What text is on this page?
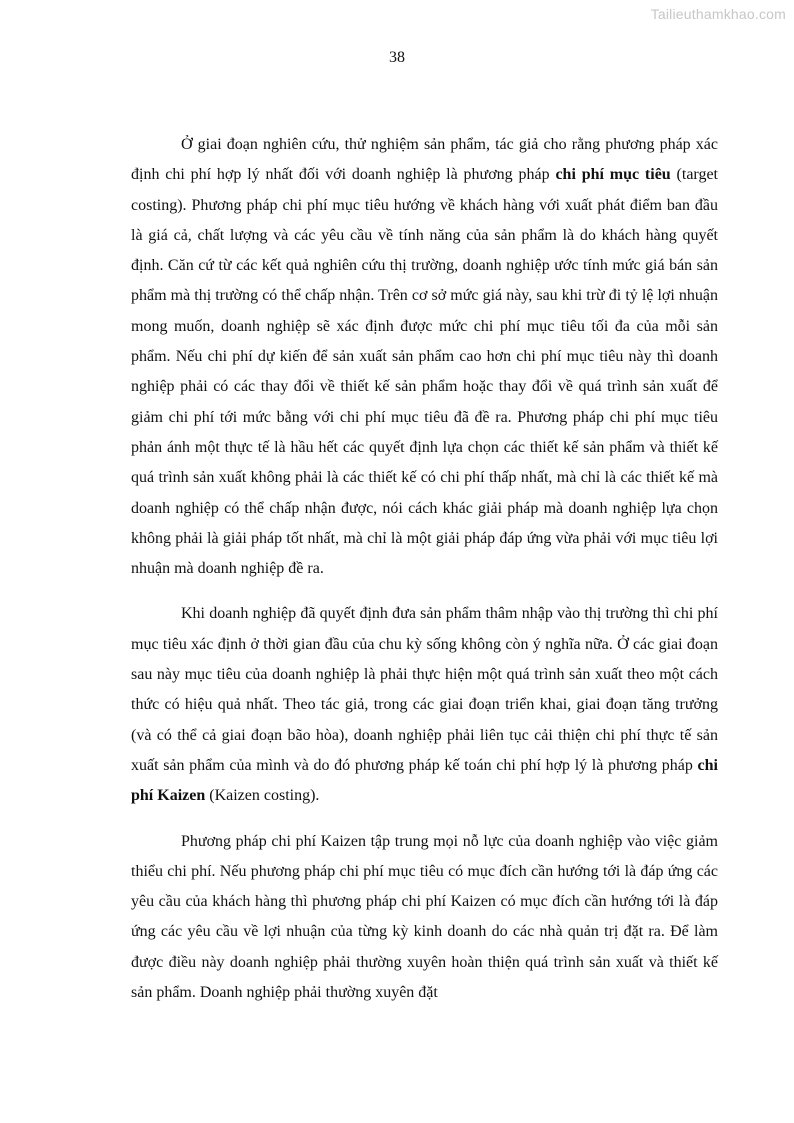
Tailieuthamkhao.com
38

Ở giai đoạn nghiên cứu, thử nghiệm sản phẩm, tác giả cho rằng phương pháp xác định chi phí hợp lý nhất đối với doanh nghiệp là phương pháp chi phí mục tiêu (target costing). Phương pháp chi phí mục tiêu hướng về khách hàng với xuất phát điểm ban đầu là giá cả, chất lượng và các yêu cầu về tính năng của sản phẩm là do khách hàng quyết định. Căn cứ từ các kết quả nghiên cứu thị trường, doanh nghiệp ước tính mức giá bán sản phẩm mà thị trường có thể chấp nhận. Trên cơ sở mức giá này, sau khi trừ đi tỷ lệ lợi nhuận mong muốn, doanh nghiệp sẽ xác định được mức chi phí mục tiêu tối đa của mỗi sản phẩm. Nếu chi phí dự kiến để sản xuất sản phẩm cao hơn chi phí mục tiêu này thì doanh nghiệp phải có các thay đổi về thiết kế sản phẩm hoặc thay đổi về quá trình sản xuất để giảm chi phí tới mức bằng với chi phí mục tiêu đã đề ra. Phương pháp chi phí mục tiêu phản ánh một thực tế là hầu hết các quyết định lựa chọn các thiết kế sản phẩm và thiết kế quá trình sản xuất không phải là các thiết kế có chi phí thấp nhất, mà chỉ là các thiết kế mà doanh nghiệp có thể chấp nhận được, nói cách khác giải pháp mà doanh nghiệp lựa chọn không phải là giải pháp tốt nhất, mà chỉ là một giải pháp đáp ứng vừa phải với mục tiêu lợi nhuận mà doanh nghiệp đề ra.

Khi doanh nghiệp đã quyết định đưa sản phẩm thâm nhập vào thị trường thì chi phí mục tiêu xác định ở thời gian đầu của chu kỳ sống không còn ý nghĩa nữa. Ở các giai đoạn sau này mục tiêu của doanh nghiệp là phải thực hiện một quá trình sản xuất theo một cách thức có hiệu quả nhất. Theo tác giả, trong các giai đoạn triển khai, giai đoạn tăng trưởng (và có thể cả giai đoạn bão hòa), doanh nghiệp phải liên tục cải thiện chi phí thực tế sản xuất sản phẩm của mình và do đó phương pháp kế toán chi phí hợp lý là phương pháp chi phí Kaizen (Kaizen costing).

Phương pháp chi phí Kaizen tập trung mọi nỗ lực của doanh nghiệp vào việc giảm thiểu chi phí. Nếu phương pháp chi phí mục tiêu có mục đích cần hướng tới là đáp ứng các yêu cầu của khách hàng thì phương pháp chi phí Kaizen có mục đích cần hướng tới là đáp ứng các yêu cầu về lợi nhuận của từng kỳ kinh doanh do các nhà quản trị đặt ra. Để làm được điều này doanh nghiệp phải thường xuyên hoàn thiện quá trình sản xuất và thiết kế sản phẩm. Doanh nghiệp phải thường xuyên đặt
